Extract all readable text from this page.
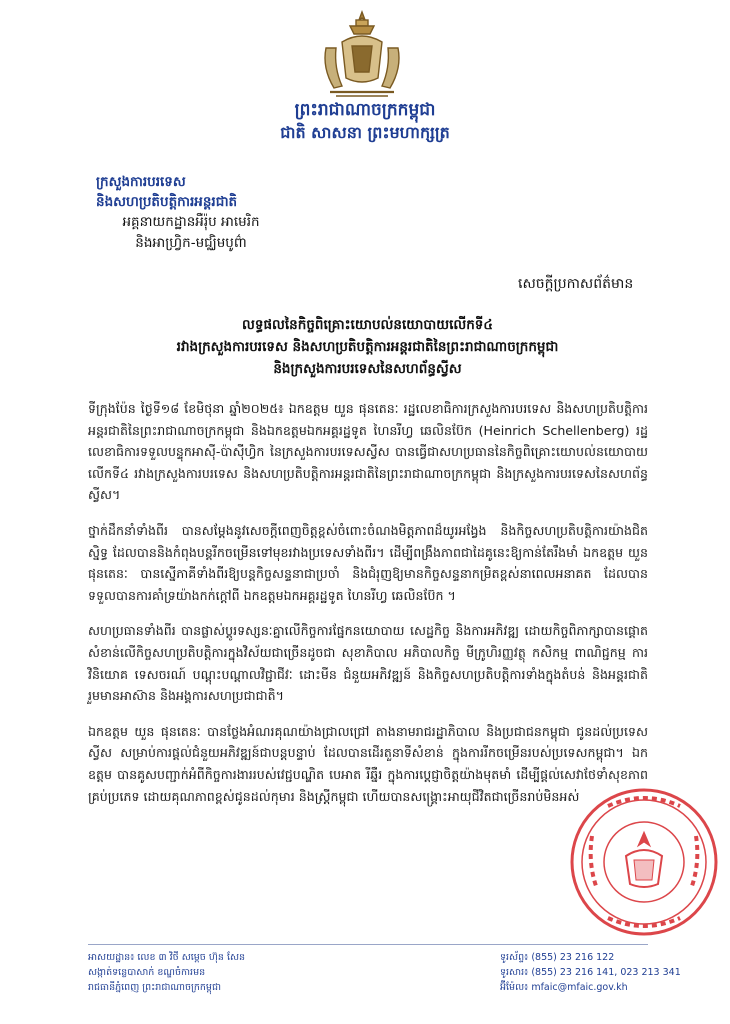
ព្រះរាជាណាចក្រកម្ពុជា
ជាតិ សាសនា ព្រះមហាក្សត្រ
ក្រសួងការបរទេស
និងសហប្រតិបត្តិការអន្តរជាតិ
អគ្គនាយកដ្ឋានអឺរ៉ុប អាមេរិក
និងអាហ្វ្រិក-មជ្ឈិមបូព៌ា
សេចក្តីប្រកាសព័ត៌មាន
លទ្ធផលនៃកិច្ចពិគ្រោះយោបល់នយោបាយលើកទី៤
រវាងក្រសួងការបរទេស និងសហប្រតិបត្តិការអន្តរជាតិនៃព្រះរាជាណាចក្រកម្ពុជា
និងក្រសួងការបរទេសនៃសហព័ន្ធស្វីស

ទីក្រុងប៉ែន ថ្ងៃទី១៨ ខែមិថុនា ឆ្នាំ២០២៥៖ ឯកឧត្តម យួន ផុនតេនៈ រដ្ឋលេខាធិការក្រសួងការបរទេស និងសហប្រតិបត្តិការអន្តរជាតិនៃព្រះរាជាណាចក្រកម្ពុជា និងឯកឧត្តមឯកអគ្គរដ្ឋទូត ហៃនរីហ្វ ឆេលិនប៊ែក (Heinrich Schellenberg) រដ្ឋលេខាធិការទទួលបន្ទុកអាស៊ី-ប៉ាស៊ីហ្វិក នៃក្រសួងការបរទេសស្វីស បានធ្វើជាសហប្រធាននៃកិច្ចពិគ្រោះយោបល់នយោបាយលើកទី៤ រវាងក្រសួងការបរទេស និងសហប្រតិបត្តិការអន្តរជាតិនៃព្រះរាជាណាចក្រកម្ពុជា និងក្រសួងការបរទេសនៃសហព័ន្ធស្វីស។

ថ្នាក់ដឹកនាំទាំងពីរ បានសម្តែងនូវសេចក្តីពេញចិត្តខ្ពស់ចំពោះចំណងមិត្តភាពដ៏យូរអង្វែង និងកិច្ចសហប្រតិបត្តិការយ៉ាងជិតស្និទ្ធ ដែលបាននិងកំពុងបន្តរីកចម្រើនទៅមុខរវាងប្រទេសទាំងពីរ។ ដើម្បីពង្រឹងភាពជាដៃគូនេះឱ្យកាន់តែរឹងមាំ ឯកឧត្តម យួន ផុនតេនៈ បានស្នើភាគីទាំងពីរឱ្យបន្តកិច្ចសន្ទនាជាប្រចាំ និងជំរុញឱ្យមានកិច្ចសន្ទនាកម្រិតខ្ពស់នាពេលអនាគត ដែលបានទទួលបានការគាំទ្រយ៉ាងកក់ក្តៅពី ឯកឧត្តមឯកអគ្គរដ្ឋទូត ហៃនរីហ្វ ឆេលិនប៊ែក ។

សហប្រធានទាំងពីរ បានផ្លាស់ប្តូរទស្សនៈគ្នាលើកិច្ចការផ្នែកនយោបាយ សេដ្ឋកិច្ច និងការអភិវឌ្ឍ ដោយកិច្ចពិភាក្សាបានផ្តោតសំខាន់លើកិច្ចសហប្រតិបត្តិការក្នុងវិស័យជាច្រើនដូចជា សុខាភិបាល អភិបាលកិច្ច មីក្រូហិរញ្ញវត្ថុ កសិកម្ម ពាណិជ្ជកម្ម ការវិនិយោគ ទេសចរណ៍ បណ្តុះបណ្តាលវិជ្ជាជីវៈ ដោះមីន ជំនួយអភិវឌ្ឍន៍ និងកិច្ចសហប្រតិបត្តិការទាំងក្នុងតំបន់ និងអន្តរជាតិ រួមមានអាស៊ាន និងអង្គការសហប្រជាជាតិ។

ឯកឧត្តម យួន ផុនតេនៈ បានថ្លែងអំណរគុណយ៉ាងជ្រាលជ្រៅ តាងនាមរាជរដ្ឋាភិបាល និងប្រជាជនកម្ពុជា ជូនដល់ប្រទេសស្វីស សម្រាប់ការផ្តល់ជំនួយអភិវឌ្ឍន៍ជាបន្តបន្ទាប់ ដែលបានដើរតួនាទីសំខាន់ ក្នុងការរីកចម្រើនរបស់ប្រទេសកម្ពុជា។ ឯកឧត្តម បានគូសបញ្ជាក់អំពីកិច្ចការងាររបស់វេជ្ជបណ្ឌិត បេអាត រីឆ្នឺរ ក្នុងការប្តេជ្ញាចិត្តយ៉ាងមុតមាំ ដើម្បីផ្តល់សេវាថែទាំសុខភាពគ្រប់ប្រភេទ ដោយគុណភាពខ្ពស់ជូនដល់កុមារ និងស្ត្រីកម្ពុជា ហើយបានសង្គ្រោះអាយុជីវិតជាច្រើនរាប់មិនអស់

អាសយដ្ឋាន៖ លេខ ៣ វិថី សម្តេច ហ៊ុន សែន
សង្កាត់ទន្លេបាសាក់ ខណ្ឌចំការមន
រាជធានីភ្នំពេញ ព្រះរាជាណាចក្រកម្ពុជា
ទូរស័ព្ទ៖ (855) 23 216 122
ទូរសារ៖ (855) 23 216 141, 023 213 341
អ៊ីម៉ែល៖ mfaic@mfaic.gov.kh
